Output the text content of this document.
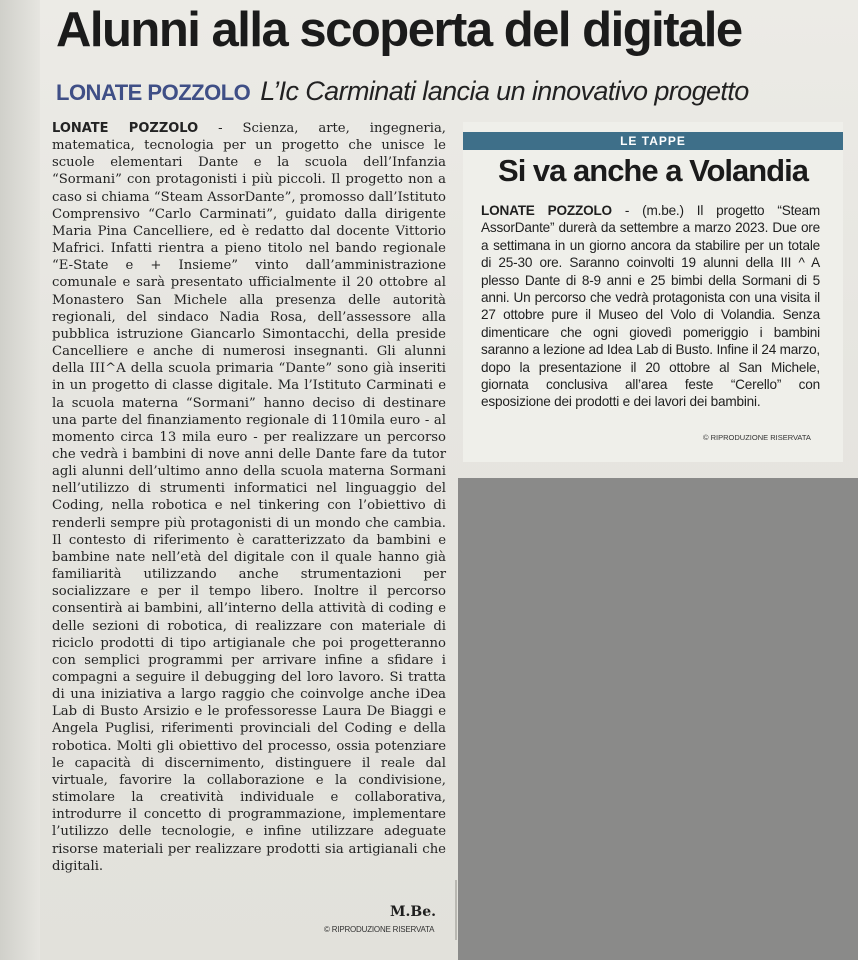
Alunni alla scoperta del digitale
LONATE POZZOLO L’Ic Carminati lancia un innovativo progetto

LONATE POZZOLO - Scienza, arte, ingegneria, matematica, tecnologia per un progetto che unisce le scuole elementari Dante e la scuola dell’Infanzia “Sormani” con protagonisti i più piccoli. Il progetto non a caso si chiama “Steam AssorDante”, promosso dall’Istituto Comprensivo “Carlo Carminati”, guidato dalla dirigente Maria Pina Cancelliere, ed è redatto dal docente Vittorio Mafrici. Infatti rientra a pieno titolo nel bando regionale “E-State e + Insieme” vinto dall’amministrazione comunale e sarà presentato ufficialmente il 20 ottobre al Monastero San Michele alla presenza delle autorità regionali, del sindaco Nadia Rosa, dell’assessore alla pubblica istruzione Giancarlo Simontacchi, della preside Cancelliere e anche di numerosi insegnanti. Gli alunni della III^A della scuola primaria “Dante” sono già inseriti in un progetto di classe digitale. Ma l’Istituto Carminati e la scuola materna “Sormani” hanno deciso di destinare una parte del finanziamento regionale di 110mila euro - al momento circa 13 mila euro - per realizzare un percorso che vedrà i bambini di nove anni delle Dante fare da tutor agli alunni dell’ultimo anno della scuola materna Sormani nell’utilizzo di strumenti informatici nel linguaggio del Coding, nella robotica e nel tinkering con l’obiettivo di renderli sempre più protagonisti di un mondo che cambia. Il contesto di riferimento è caratterizzato da bambini e bambine nate nell’età del digitale con il quale hanno già familiarità utilizzando anche strumentazioni per socializzare e per il tempo libero. Inoltre il percorso consentirà ai bambini, all’interno della attività di coding e delle sezioni di robotica, di realizzare con materiale di riciclo prodotti di tipo artigianale che poi progetteranno con semplici programmi per arrivare infine a sfidare i compagni a seguire il debugging del loro lavoro. Si tratta di una iniziativa a largo raggio che coinvolge anche iDea Lab di Busto Arsizio e le professoresse Laura De Biaggi e Angela Puglisi, riferimenti provinciali del Coding e della robotica. Molti gli obiettivo del processo, ossia potenziare le capacità di discernimento, distinguere il reale dal virtuale, favorire la collaborazione e la condivisione, stimolare la creatività individuale e collaborativa, introdurre il concetto di programmazione, implementare l’utilizzo delle tecnologie, e infine utilizzare adeguate risorse materiali per realizzare prodotti sia artigianali che digitali.

M.Be.
© RIPRODUZIONE RISERVATA
LE TAPPE
Si va anche a Volandia
LONATE POZZOLO - (m.be.) Il progetto “Steam AssorDante” durerà da settembre a marzo 2023. Due ore a settimana in un giorno ancora da stabilire per un totale di 25-30 ore. Saranno coinvolti 19 alunni della III ^ A plesso Dante di 8-9 anni e 25 bimbi della Sormani di 5 anni. Un percorso che vedrà protagonista con una visita il 27 ottobre pure il Museo del Volo di Volandia. Senza dimenticare che ogni giovedì pomeriggio i bambini saranno a lezione ad Idea Lab di Busto. Infine il 24 marzo, dopo la presentazione il 20 ottobre al San Michele, giornata conclusiva all’area feste “Cerello” con esposizione dei prodotti e dei lavori dei bambini.
© RIPRODUZIONE RISERVATA
